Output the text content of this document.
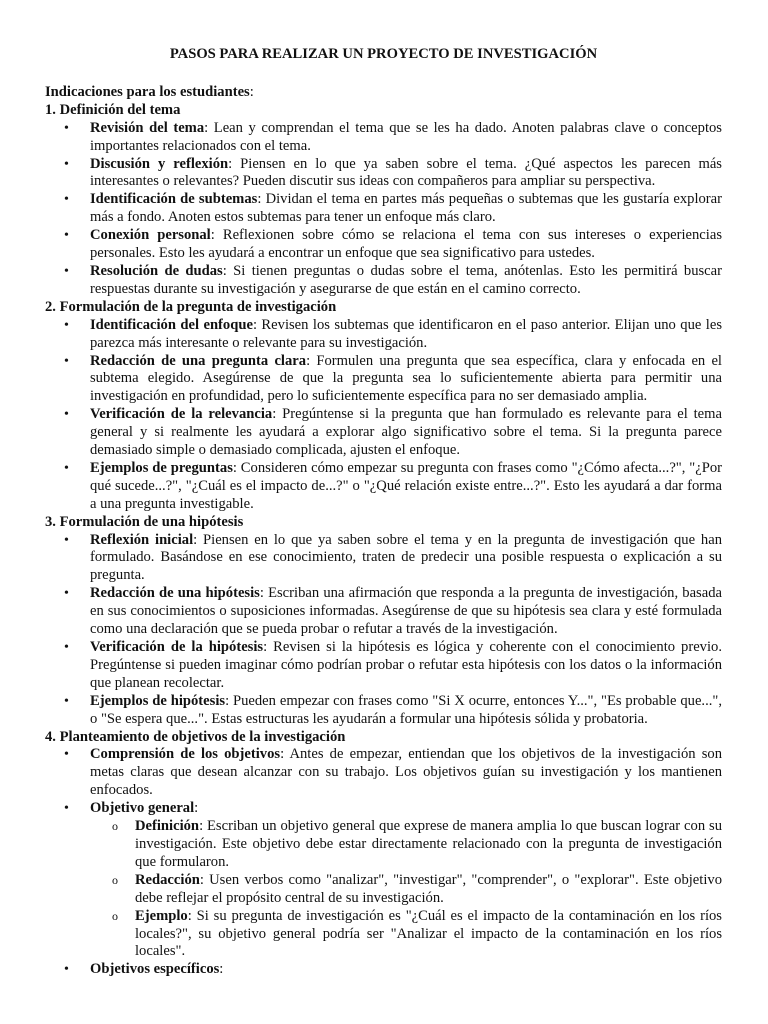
PASOS PARA REALIZAR UN PROYECTO DE INVESTIGACIÓN

Indicaciones para los estudiantes:

1. Definición del tema

• Revisión del tema: Lean y comprendan el tema que se les ha dado. Anoten palabras clave o conceptos importantes relacionados con el tema.
• Discusión y reflexión: Piensen en lo que ya saben sobre el tema. ¿Qué aspectos les parecen más interesantes o relevantes? Pueden discutir sus ideas con compañeros para ampliar su perspectiva.
• Identificación de subtemas: Dividan el tema en partes más pequeñas o subtemas que les gustaría explorar más a fondo. Anoten estos subtemas para tener un enfoque más claro.
• Conexión personal: Reflexionen sobre cómo se relaciona el tema con sus intereses o experiencias personales. Esto les ayudará a encontrar un enfoque que sea significativo para ustedes.
• Resolución de dudas: Si tienen preguntas o dudas sobre el tema, anótenlas. Esto les permitirá buscar respuestas durante su investigación y asegurarse de que están en el camino correcto.

2. Formulación de la pregunta de investigación

• Identificación del enfoque: Revisen los subtemas que identificaron en el paso anterior. Elijan uno que les parezca más interesante o relevante para su investigación.
• Redacción de una pregunta clara: Formulen una pregunta que sea específica, clara y enfocada en el subtema elegido. Asegúrense de que la pregunta sea lo suficientemente abierta para permitir una investigación en profundidad, pero lo suficientemente específica para no ser demasiado amplia.
• Verificación de la relevancia: Pregúntense si la pregunta que han formulado es relevante para el tema general y si realmente les ayudará a explorar algo significativo sobre el tema. Si la pregunta parece demasiado simple o demasiado complicada, ajusten el enfoque.
• Ejemplos de preguntas: Consideren cómo empezar su pregunta con frases como "¿Cómo afecta...?", "¿Por qué sucede...?", "¿Cuál es el impacto de...?" o "¿Qué relación existe entre...?". Esto les ayudará a dar forma a una pregunta investigable.

3. Formulación de una hipótesis

• Reflexión inicial: Piensen en lo que ya saben sobre el tema y en la pregunta de investigación que han formulado. Basándose en ese conocimiento, traten de predecir una posible respuesta o explicación a su pregunta.
• Redacción de una hipótesis: Escriban una afirmación que responda a la pregunta de investigación, basada en sus conocimientos o suposiciones informadas. Asegúrense de que su hipótesis sea clara y esté formulada como una declaración que se pueda probar o refutar a través de la investigación.
• Verificación de la hipótesis: Revisen si la hipótesis es lógica y coherente con el conocimiento previo. Pregúntense si pueden imaginar cómo podrían probar o refutar esta hipótesis con los datos o la información que planean recolectar.
• Ejemplos de hipótesis: Pueden empezar con frases como "Si X ocurre, entonces Y...", "Es probable que...", o "Se espera que...". Estas estructuras les ayudarán a formular una hipótesis sólida y probatoria.

4. Planteamiento de objetivos de la investigación

• Comprensión de los objetivos: Antes de empezar, entiendan que los objetivos de la investigación son metas claras que desean alcanzar con su trabajo. Los objetivos guían su investigación y los mantienen enfocados.
• Objetivo general:
o Definición: Escriban un objetivo general que exprese de manera amplia lo que buscan lograr con su investigación. Este objetivo debe estar directamente relacionado con la pregunta de investigación que formularon.
o Redacción: Usen verbos como "analizar", "investigar", "comprender", o "explorar". Este objetivo debe reflejar el propósito central de su investigación.
o Ejemplo: Si su pregunta de investigación es "¿Cuál es el impacto de la contaminación en los ríos locales?", su objetivo general podría ser "Analizar el impacto de la contaminación en los ríos locales".
• Objetivos específicos:
